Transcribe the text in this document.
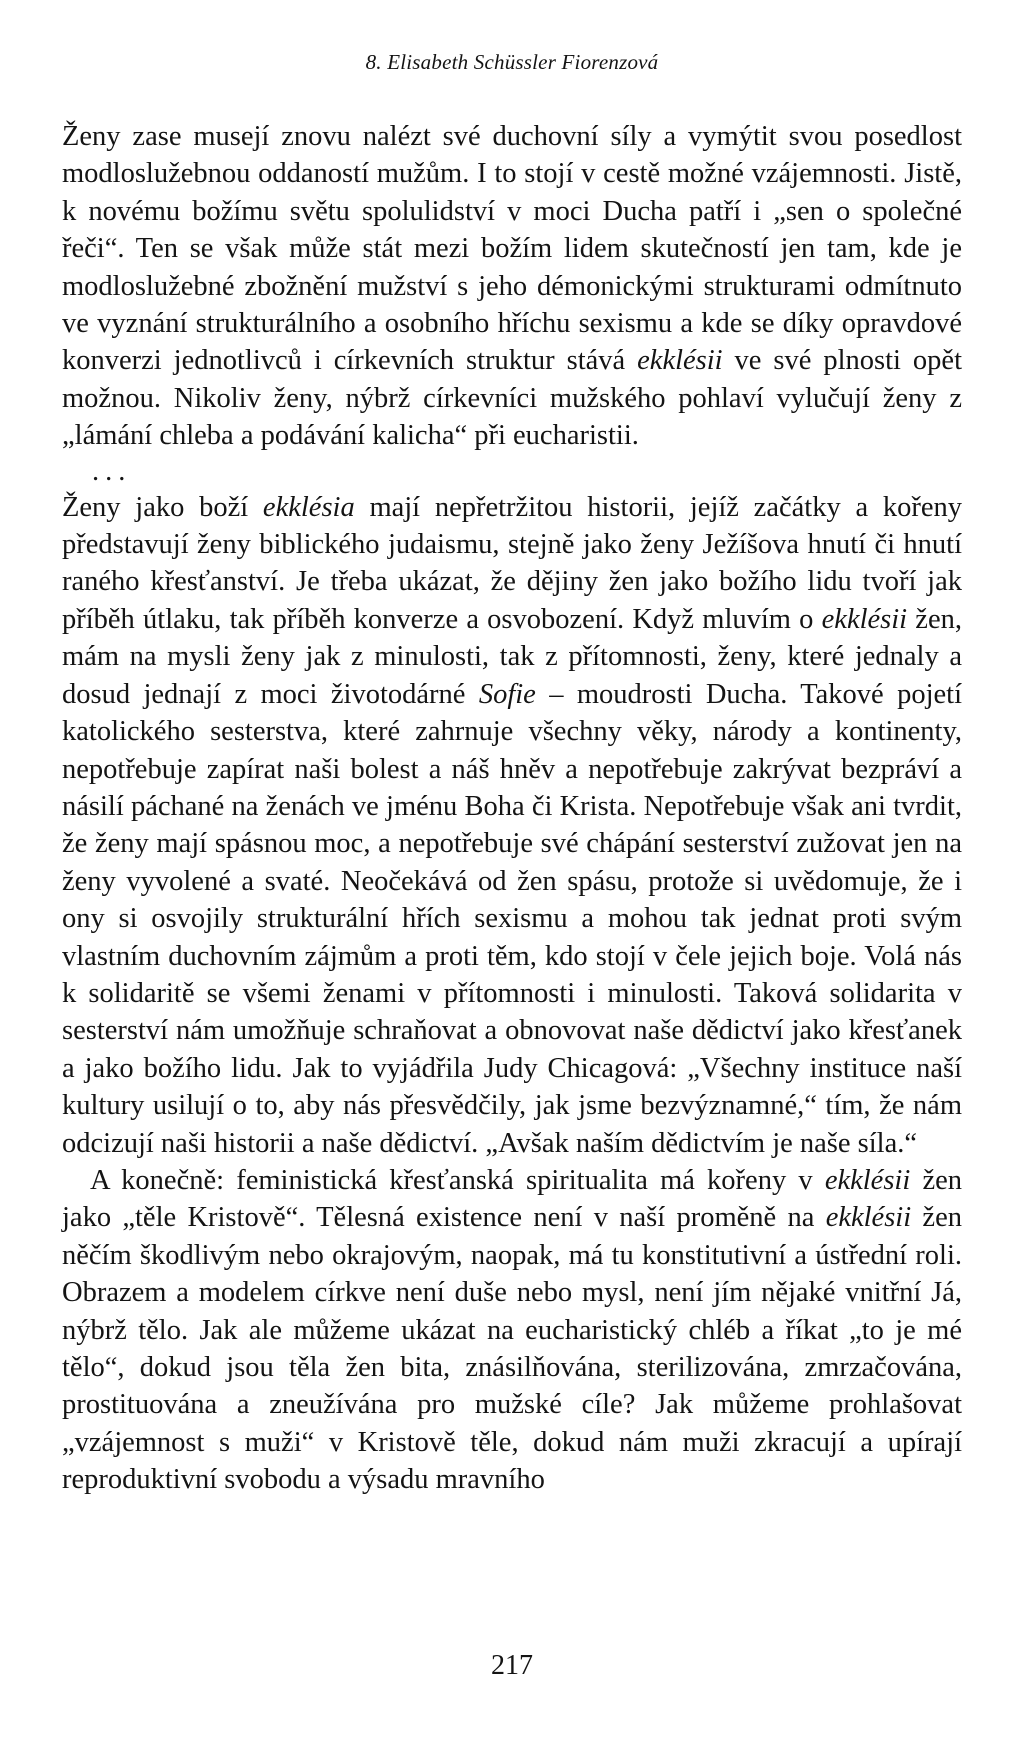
8. Elisabeth Schüssler Fiorenzová

Ženy zase musejí znovu nalézt své duchovní síly a vymýtit svou posedlost modloslužebnou oddaností mužům. I to stojí v cestě možné vzájemnosti. Jistě, k novému božímu světu spolulidství v moci Ducha patří i „sen o společné řeči“. Ten se však může stát mezi božím lidem skutečností jen tam, kde je modloslužebné zbožnění mužství s jeho démonickými strukturami odmítnuto ve vyznání strukturálního a osobního hříchu sexismu a kde se díky opravdové konverzi jednotlivců i církevních struktur stává ekklésii ve své plnosti opět možnou. Nikoliv ženy, nýbrž církevníci mužského pohlaví vylučují ženy z „lámání chleba a podávání kalicha“ při eucharistii.

...

Ženy jako boží ekklésia mají nepřetržitou historii, jejíž začátky a kořeny představují ženy biblického judaismu, stejně jako ženy Ježíšova hnutí či hnutí raného křesťanství. Je třeba ukázat, že dějiny žen jako božího lidu tvoří jak příběh útlaku, tak příběh konverze a osvobození. Když mluvím o ekklésii žen, mám na mysli ženy jak z minulosti, tak z přítomnosti, ženy, které jednaly a dosud jednají z moci životodárné Sofie – moudrosti Ducha. Takové pojetí katolického sesterstva, které zahrnuje všechny věky, národy a kontinenty, nepotřebuje zapírat naši bolest a náš hněv a nepotřebuje zakrývat bezpráví a násilí páchané na ženách ve jménu Boha či Krista. Nepotřebuje však ani tvrdit, že ženy mají spásnou moc, a nepotřebuje své chápání sesterství zužovat jen na ženy vyvolené a svaté. Neočekává od žen spásu, protože si uvědomuje, že i ony si osvojily strukturální hřích sexismu a mohou tak jednat proti svým vlastním duchovním zájmům a proti těm, kdo stojí v čele jejich boje. Volá nás k solidaritě se všemi ženami v přítomnosti i minulosti. Taková solidarita v sesterství nám umožňuje schraňovat a obnovovat naše dědictví jako křesťanek a jako božího lidu. Jak to vyjádřila Judy Chicagová: „Všechny instituce naší kultury usilují o to, aby nás přesvědčily, jak jsme bezvýznamné,“ tím, že nám odcizují naši historii a naše dědictví. „Avšak naším dědictvím je naše síla.“

A konečně: feministická křesťanská spiritualita má kořeny v ekklésii žen jako „těle Kristově“. Tělesná existence není v naší proměně na ekklésii žen něčím škodlivým nebo okrajovým, naopak, má tu konstitutivní a ústřední roli. Obrazem a modelem církve není duše nebo mysl, není jím nějaké vnitřní Já, nýbrž tělo. Jak ale můžeme ukázat na eucharistický chléb a říkat „to je mé tělo“, dokud jsou těla žen bita, znásilňována, sterilizována, zmrzačována, prostituována a zneužívána pro mužské cíle? Jak můžeme prohlašovat „vzájemnost s muži“ v Kristově těle, dokud nám muži zkracují a upírají reproduktivní svobodu a výsadu mravního

217
